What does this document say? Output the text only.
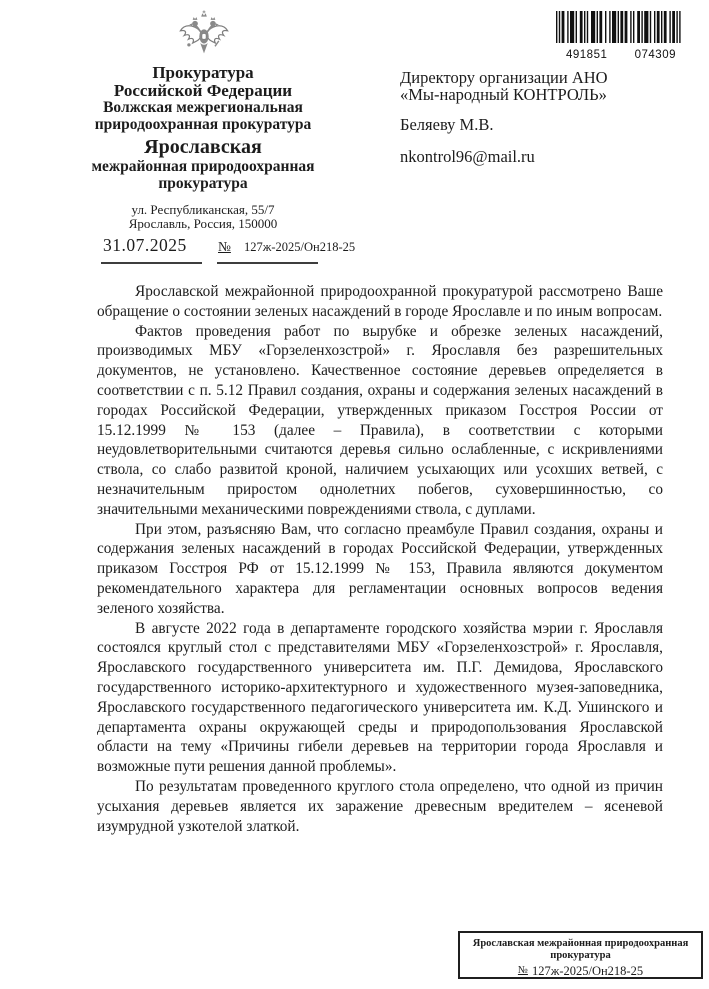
Прокуратура
Российской Федерации
Волжская межрегиональная
природоохранная прокуратура
Ярославская
межрайонная природоохранная
прокуратура
ул. Республиканская, 55/7
Ярославль, Россия, 150000
31.07.2025 № 127ж-2025/Он218-25
491851 074309
Директору организации АНО
«Мы-народный КОНТРОЛЬ»
Беляеву М.В.
nkontrol96@mail.ru

Ярославской межрайонной природоохранной прокуратурой рассмотрено Ваше обращение о состоянии зеленых насаждений в городе Ярославле и по иным вопросам.

Фактов проведения работ по вырубке и обрезке зеленых насаждений, производимых МБУ «Горзеленхозстрой» г. Ярославля без разрешительных документов, не установлено. Качественное состояние деревьев определяется в соответствии с п. 5.12 Правил создания, охраны и содержания зеленых насаждений в городах Российской Федерации, утвержденных приказом Госстроя России от 15.12.1999 № 153 (далее – Правила), в соответствии с которыми неудовлетворительными считаются деревья сильно ослабленные, с искривлениями ствола, со слабо развитой кроной, наличием усыхающих или усохших ветвей, с незначительным приростом однолетних побегов, суховершинностью, со значительными механическими повреждениями ствола, с дуплами.

При этом, разъясняю Вам, что согласно преамбуле Правил создания, охраны и содержания зеленых насаждений в городах Российской Федерации, утвержденных приказом Госстроя РФ от 15.12.1999 № 153, Правила являются документом рекомендательного характера для регламентации основных вопросов ведения зеленого хозяйства.

В августе 2022 года в департаменте городского хозяйства мэрии г. Ярославля состоялся круглый стол с представителями МБУ «Горзеленхозстрой» г. Ярославля, Ярославского государственного университета им. П.Г. Демидова, Ярославского государственного историко-архитектурного и художественного музея-заповедника, Ярославского государственного педагогического университета им. К.Д. Ушинского и департамента охраны окружающей среды и природопользования Ярославской области на тему «Причины гибели деревьев на территории города Ярославля и возможные пути решения данной проблемы».

По результатам проведенного круглого стола определено, что одной из причин усыхания деревьев является их заражение древесным вредителем – ясеневой изумрудной узкотелой златкой.

Ярославская межрайонная природоохранная
прокуратура
№ 127ж-2025/Он218-25
